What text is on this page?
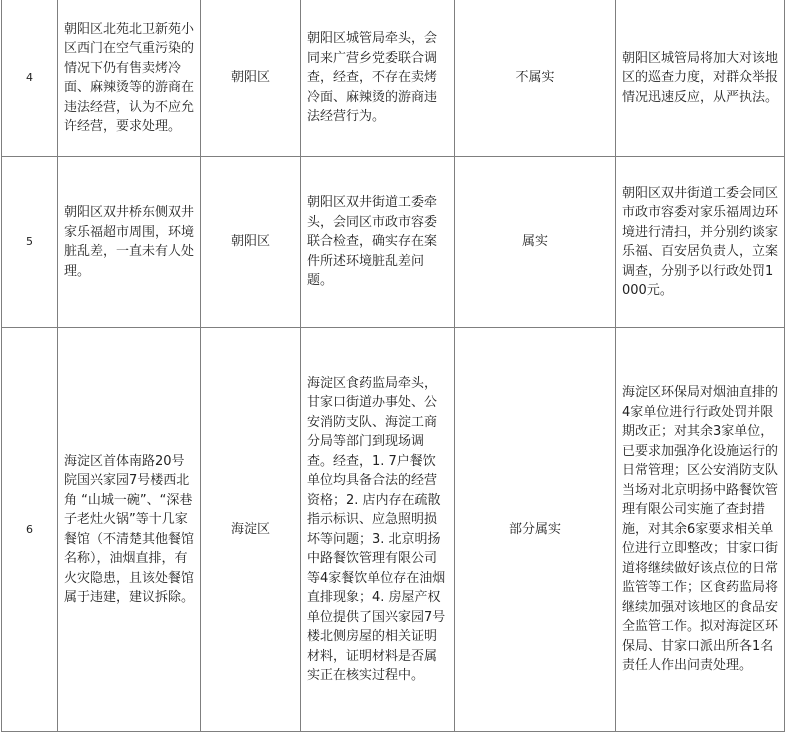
4	朝阳区北苑北卫新苑小区西门在空气重污染的情况下仍有售卖烤冷面、麻辣烫等的游商在违法经营，认为不应允许经营，要求处理。	朝阳区	朝阳区城管局牵头，会同来广营乡党委联合调查，经查，不存在卖烤冷面、麻辣烫的游商违法经营行为。	不属实	朝阳区城管局将加大对该地区的巡查力度，对群众举报情况迅速反应，从严执法。
5	朝阳区双井桥东侧双井家乐福超市周围，环境脏乱差，一直未有人处理。	朝阳区	朝阳区双井街道工委牵头，会同区市政市容委联合检查，确实存在案件所述环境脏乱差问题。	属实	朝阳区双井街道工委会同区市政市容委对家乐福周边环境进行清扫，并分别约谈家乐福、百安居负责人，立案调查，分别予以行政处罚1000元。
6	海淀区首体南路20号院国兴家园7号楼西北角 “山城一碗”、“深巷子老灶火锅”等十几家餐馆（不清楚其他餐馆名称），油烟直排，有火灾隐患，且该处餐馆属于违建，建议拆除。	海淀区	海淀区食药监局牵头，甘家口街道办事处、公安消防支队、海淀工商分局等部门到现场调查。经查，1. 7户餐饮单位均具备合法的经营资格；2. 店内存在疏散指示标识、应急照明损坏等问题；3. 北京明扬中路餐饮管理有限公司等4家餐饮单位存在油烟直排现象；4. 房屋产权单位提供了国兴家园7号楼北侧房屋的相关证明材料，证明材料是否属实正在核实过程中。	部分属实	海淀区环保局对烟油直排的4家单位进行行政处罚并限期改正；对其余3家单位，已要求加强净化设施运行的日常管理；区公安消防支队当场对北京明扬中路餐饮管理有限公司实施了查封措施，对其余6家要求相关单位进行立即整改；甘家口街道将继续做好该点位的日常监管等工作；区食药监局将继续加强对该地区的食品安全监管工作。拟对海淀区环保局、甘家口派出所各1名责任人作出问责处理。
